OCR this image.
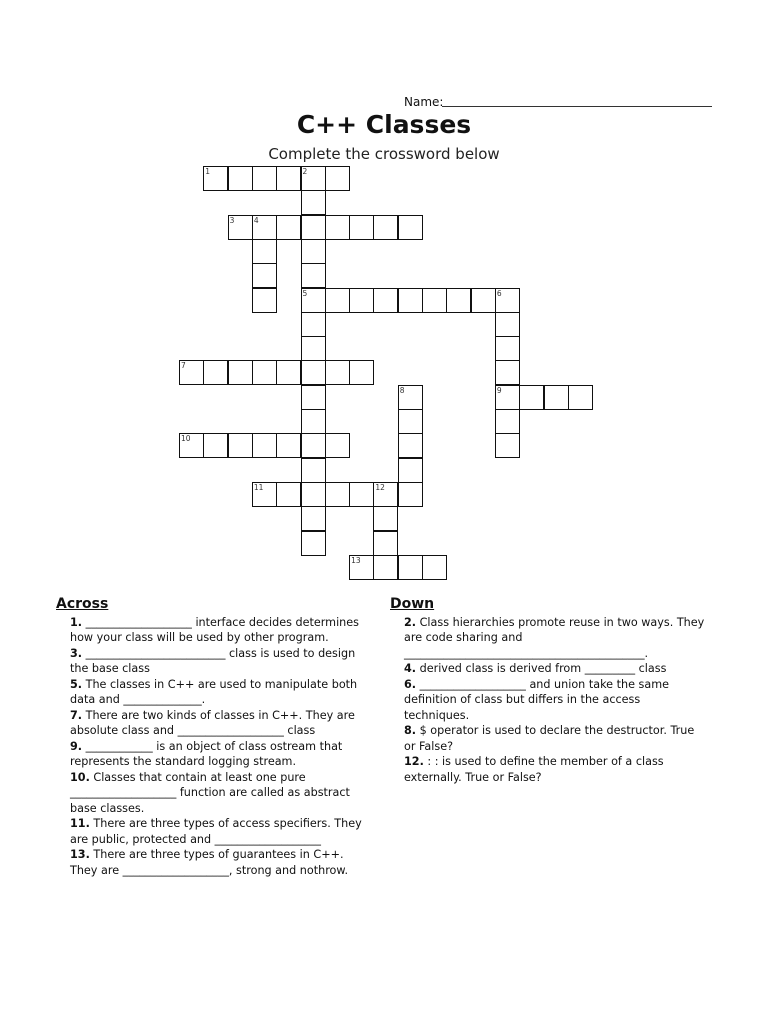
Name:
C++ Classes
Complete the crossword below
1	2
5
3	4
6
9
7
8
10
11	12
13
Across

1. ___________________ interface decides determines how your class will be used by other program.

3. _________________________ class is used to design the base class

5. The classes in C++ are used to manipulate both data and ______________.

7. There are two kinds of classes in C++. They are absolute class and ___________________ class

9. ____________ is an object of class ostream that represents the standard logging stream.

10. Classes that contain at least one pure ___________________ function are called as abstract base classes.

11. There are three types of access specifiers. They are public, protected and ___________________

13. There are three types of guarantees in C++. They are ___________________, strong and nothrow.

Down

2. Class hierarchies promote reuse in two ways. They are code sharing and ___________________________________________.

4. derived class is derived from _________ class

6. ___________________ and union take the same definition of class but differs in the access techniques.

8. $ operator is used to declare the destructor. True or False?

12. : : is used to define the member of a class externally. True or False?
